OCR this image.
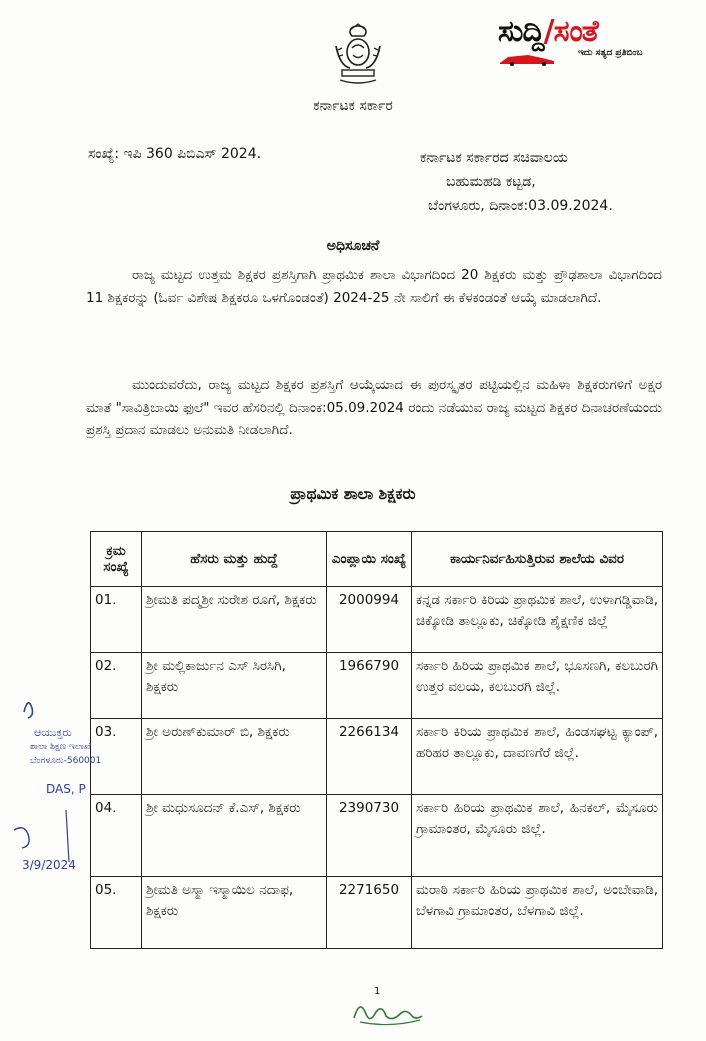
ಸುದ್ದಿ/ಸಂತೆ
ಇದು ಸತ್ಯದ ಪ್ರತಿಬಿಂಬ
ಕರ್ನಾಟಕ ಸರ್ಕಾರ
ಸಂಖ್ಯೆ: ಇಪಿ 360 ಪಿಬಿಎಸ್ 2024.	ಕರ್ನಾಟಕ ಸರ್ಕಾರದ ಸಚಿವಾಲಯ
ಬಹುಮಹಡಿ ಕಟ್ಟಡ,
ಬೆಂಗಳೂರು, ದಿನಾಂಕ:03.09.2024.
ಅಧಿಸೂಚನೆ
ರಾಜ್ಯ ಮಟ್ಟದ ಉತ್ತಮ ಶಿಕ್ಷಕರ ಪ್ರಶಸ್ತಿಗಾಗಿ ಪ್ರಾಥಮಿಕ ಶಾಲಾ ವಿಭಾಗದಿಂದ 20 ಶಿಕ್ಷಕರು ಮತ್ತು ಪ್ರೌಢಶಾಲಾ ವಿಭಾಗದಿಂದ 11 ಶಿಕ್ಷಕರನ್ನು (ಓರ್ವ ವಿಶೇಷ ಶಿಕ್ಷಕರೂ ಒಳಗೊಂಡಂತೆ) 2024-25 ನೇ ಸಾಲಿಗೆ ಈ ಕೆಳಕಂಡಂತೆ ಆಯ್ಕೆ ಮಾಡಲಾಗಿದೆ.
ಮುಂದುವರೆದು, ರಾಜ್ಯ ಮಟ್ಟದ ಶಿಕ್ಷಕರ ಪ್ರಶಸ್ತಿಗೆ ಆಯ್ಕೆಯಾದ ಈ ಪುರಸ್ಕೃತರ ಪಟ್ಟಿಯಲ್ಲಿನ ಮಹಿಳಾ ಶಿಕ್ಷಕರುಗಳಿಗೆ ಅಕ್ಷರ ಮಾತೆ "ಸಾವಿತ್ರಿಬಾಯಿ ಫುಲೆ" ಇವರ ಹೆಸರಿನಲ್ಲಿ ದಿನಾಂಕ:05.09.2024 ರಂದು ನಡೆಯುವ ರಾಜ್ಯ ಮಟ್ಟದ ಶಿಕ್ಷಕರ ದಿನಾಚರಣೆಯಂದು ಪ್ರಶಸ್ತಿ ಪ್ರದಾನ ಮಾಡಲು ಅನುಮತಿ ನೀಡಲಾಗಿದೆ.
ಪ್ರಾಥಮಿಕ ಶಾಲಾ ಶಿಕ್ಷಕರು
ಕ್ರಮ ಸಂಖ್ಯೆ	ಹೆಸರು ಮತ್ತು ಹುದ್ದೆ	ಎಂಪ್ಲಾಯಿ ಸಂಖ್ಯೆ	ಕಾರ್ಯನಿರ್ವಹಿಸುತ್ತಿರುವ ಶಾಲೆಯ ವಿವರ
01.	ಶ್ರೀಮತಿ ಪದ್ಮಶ್ರೀ ಸುರೇಶ ರೂಗೆ, ಶಿಕ್ಷಕರು	2000994	ಕನ್ನಡ ಸರ್ಕಾರಿ ಕಿರಿಯ ಪ್ರಾಥಮಿಕ ಶಾಲೆ, ಉಳಾಗಡ್ಡಿವಾಡಿ, ಚಿಕ್ಕೋಡಿ ತಾಲ್ಲೂಕು, ಚಿಕ್ಕೋಡಿ ಶೈಕ್ಷಣಿಕ ಜಿಲ್ಲೆ
02.	ಶ್ರೀ ಮಲ್ಲಿಕಾರ್ಜುನ ಎಸ್ ಸಿರಸಿಗಿ, ಶಿಕ್ಷಕರು	1966790	ಸರ್ಕಾರಿ ಹಿರಿಯ ಪ್ರಾಥಮಿಕ ಶಾಲೆ, ಭೂಸಣಗಿ, ಕಲಬುರಗಿ ಉತ್ತರ ವಲಯ, ಕಲಬುರಗಿ ಜಿಲ್ಲೆ.
03.	ಶ್ರೀ ಅರುಣ್‌ಕುಮಾರ್ ಬಿ, ಶಿಕ್ಷಕರು	2266134	ಸರ್ಕಾರಿ ಕಿರಿಯ ಪ್ರಾಥಮಿಕ ಶಾಲೆ, ಹಿಂಡಸಘಟ್ಟ ಕ್ಯಾಂಪ್, ಹರಿಹರ ತಾಲ್ಲೂಕು, ದಾವಣಗೆರೆ ಜಿಲ್ಲೆ.
04.	ಶ್ರೀ ಮಧುಸೂದನ್ ಕೆ.ಎಸ್, ಶಿಕ್ಷಕರು	2390730	ಸರ್ಕಾರಿ ಹಿರಿಯ ಪ್ರಾಥಮಿಕ ಶಾಲೆ, ಹಿನಕಲ್, ಮೈಸೂರು ಗ್ರಾಮಾಂತರ, ಮೈಸೂರು ಜಿಲ್ಲೆ.
05.	ಶ್ರೀಮತಿ ಅಸ್ಮಾ ಇಸ್ಮಾಯಿಲ ನದಾಫ, ಶಿಕ್ಷಕರು	2271650	ಮರಾಠಿ ಸರ್ಕಾರಿ ಹಿರಿಯ ಪ್ರಾಥಮಿಕ ಶಾಲೆ, ಅಂಬೇವಾಡಿ, ಬೆಳಗಾವಿ ಗ್ರಾಮಾಂತರ, ಬೆಳಗಾವಿ ಜಿಲ್ಲೆ.
ಆಯುಕ್ತರು
ಶಾಲಾ ಶಿಕ್ಷಣ ಇಲಾಖೆ
ಬೆಂಗಳೂರು-560001
DAS, P
3/9/2024
1
